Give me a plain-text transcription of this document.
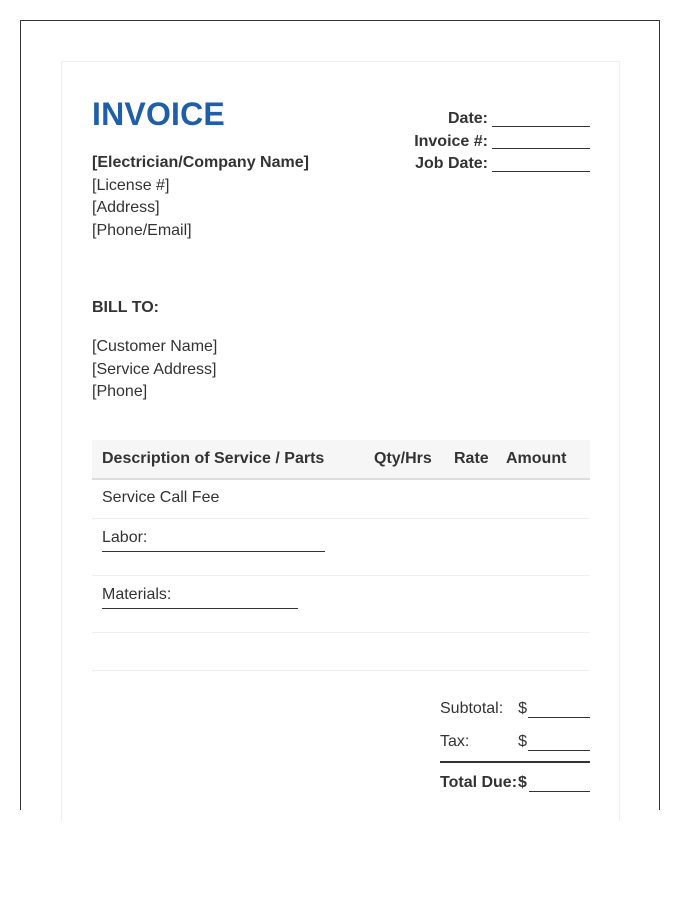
INVOICE	Date:
Invoice #:
Job Date:
[Electrician/Company Name]
[License #]
[Address]
[Phone/Email]
BILL TO:
[Customer Name]
[Service Address]
[Phone]
Description of Service / Parts	Qty/Hrs	Rate	Amount
Service Call Fee
Labor:
Materials:
Subtotal: $
Tax:	$
Total Due: $
